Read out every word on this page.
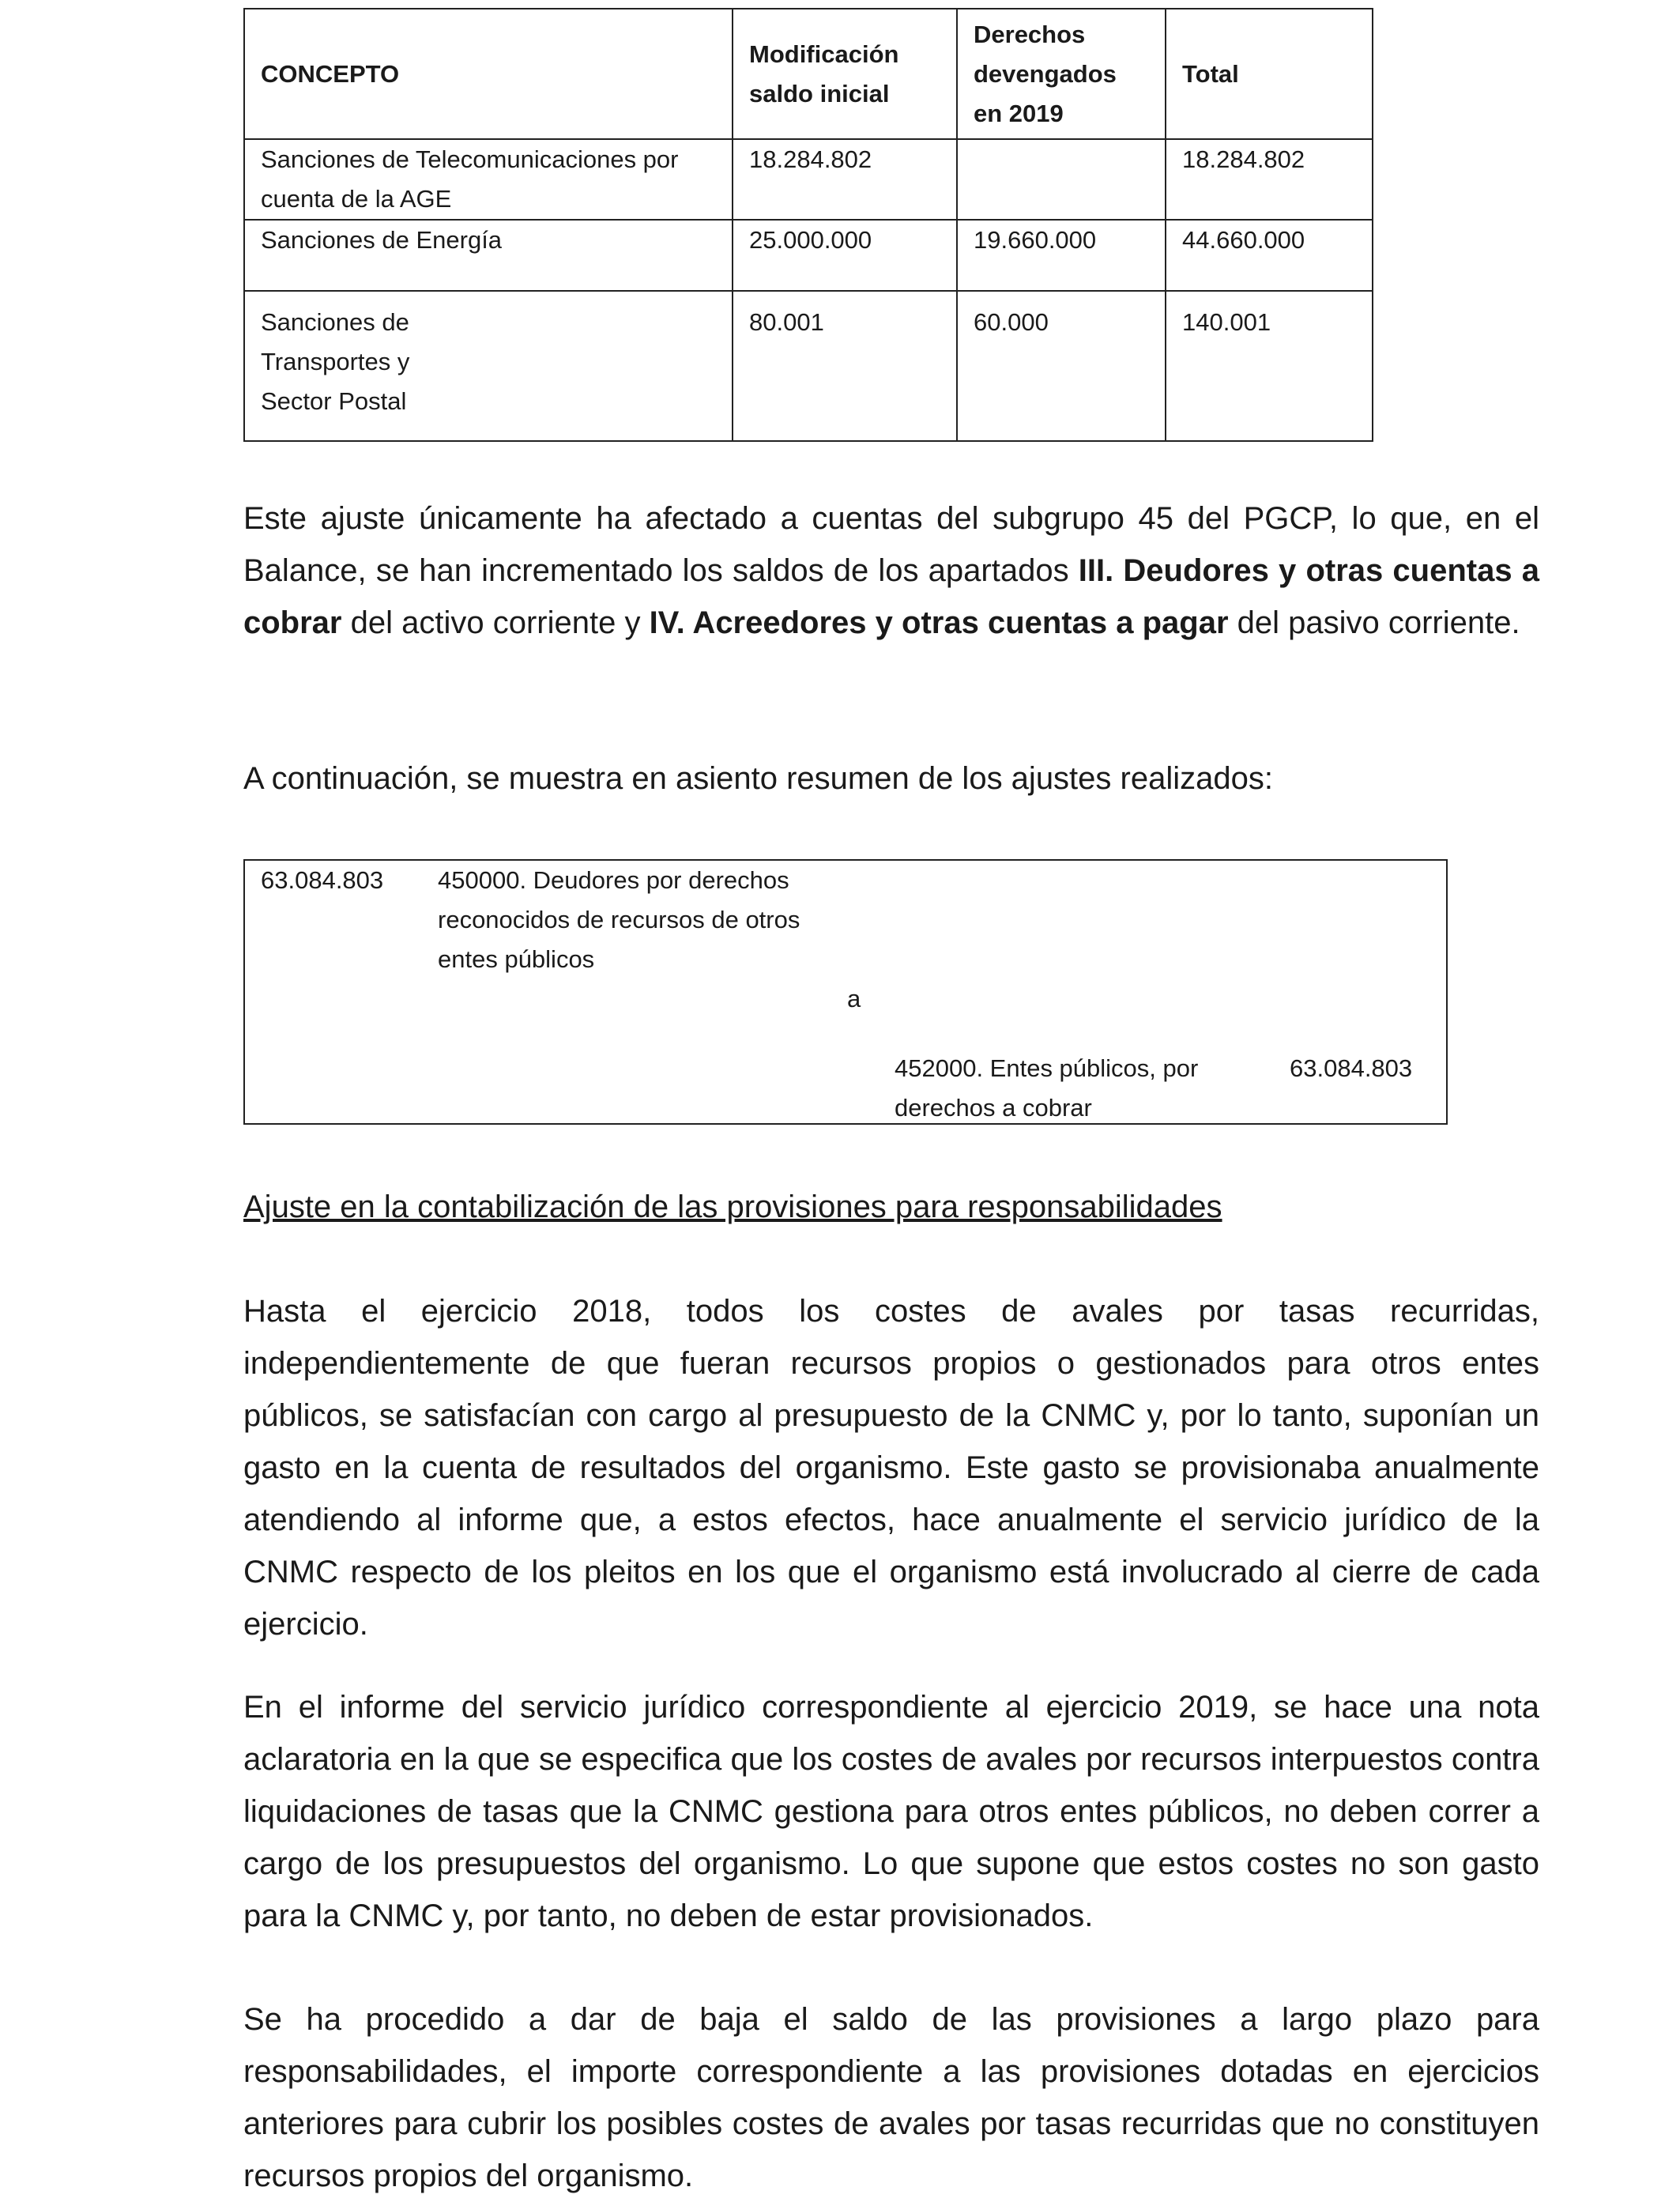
CONCEPTO	Modificación saldo inicial	Derechos devengados en 2019	Total
Sanciones de Telecomunicaciones por cuenta de la AGE	18.284.802		18.284.802
Sanciones de Energía	25.000.000	19.660.000	44.660.000

Sanciones de Transportes y Sector Postal	80.001	60.000	140.001

Este ajuste únicamente ha afectado a cuentas del subgrupo 45 del PGCP, lo que, en el Balance, se han incrementado los saldos de los apartados III. Deudores y otras cuentas a cobrar del activo corriente y IV. Acreedores y otras cuentas a pagar del pasivo corriente.

A continuación, se muestra en asiento resumen de los ajustes realizados:

63.084.803 450000. Deudores por derechos reconocidos de recursos de otros entes públicos
a
452000. Entes públicos, por derechos a cobrar
63.084.803
Ajuste en la contabilización de las provisiones para responsabilidades

Hasta el ejercicio 2018, todos los costes de avales por tasas recurridas, independientemente de que fueran recursos propios o gestionados para otros entes públicos, se satisfacían con cargo al presupuesto de la CNMC y, por lo tanto, suponían un gasto en la cuenta de resultados del organismo. Este gasto se provisionaba anualmente atendiendo al informe que, a estos efectos, hace anualmente el servicio jurídico de la CNMC respecto de los pleitos en los que el organismo está involucrado al cierre de cada ejercicio.

En el informe del servicio jurídico correspondiente al ejercicio 2019, se hace una nota aclaratoria en la que se especifica que los costes de avales por recursos interpuestos contra liquidaciones de tasas que la CNMC gestiona para otros entes públicos, no deben correr a cargo de los presupuestos del organismo. Lo que supone que estos costes no son gasto para la CNMC y, por tanto, no deben de estar provisionados.

Se ha procedido a dar de baja el saldo de las provisiones a largo plazo para responsabilidades, el importe correspondiente a las provisiones dotadas en ejercicios anteriores para cubrir los posibles costes de avales por tasas recurridas que no constituyen recursos propios del organismo.
